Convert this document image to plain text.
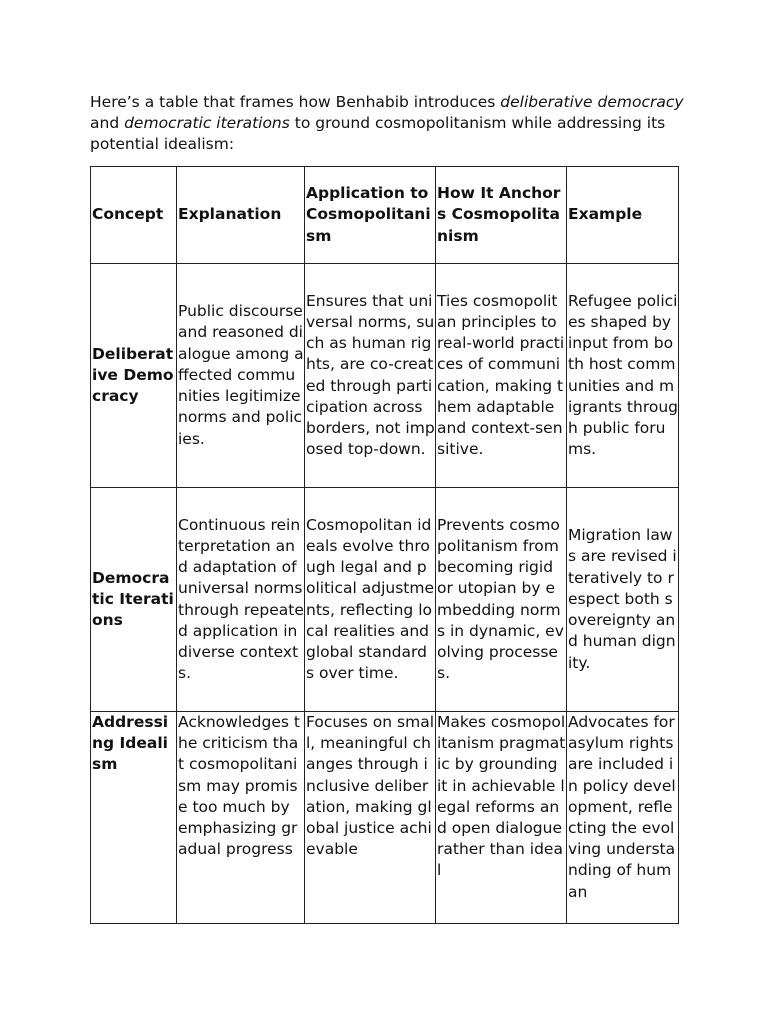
Here’s a table that frames how Benhabib introduces deliberative democracy and democratic iterations to ground cosmopolitanism while addressing its potential idealism:

Concept	Explanation	Application to Cosmopolitanism	How It Anchors Cosmopolitanism	Example
Deliberative Democracy	Public discourse and reasoned dialogue among affected communities legitimize norms and policies.	Ensures that universal norms, such as human rights, are co-created through participation across borders, not imposed top-down.	Ties cosmopolitan principles to real-world practices of communication, making them adaptable and context-sensitive.	Refugee policies shaped by input from both host communities and migrants through public forums.
Democratic Iterations	Continuous reinterpretation and adaptation of universal norms through repeated application in diverse contexts.	Cosmopolitan ideals evolve through legal and political adjustments, reflecting local realities and global standards over time.	Prevents cosmopolitanism from becoming rigid or utopian by embedding norms in dynamic, evolving processes.	Migration laws are revised iteratively to respect both sovereignty and human dignity.
Addressing Idealism	Acknowledges the criticism that cosmopolitanism may promise too much by emphasizing gradual progress	Focuses on small, meaningful changes through inclusive deliberation, making global justice achievable	Makes cosmopolitanism pragmatic by grounding it in achievable legal reforms and open dialogue rather than ideal	Advocates for asylum rights are included in policy development, reflecting the evolving understanding of human
